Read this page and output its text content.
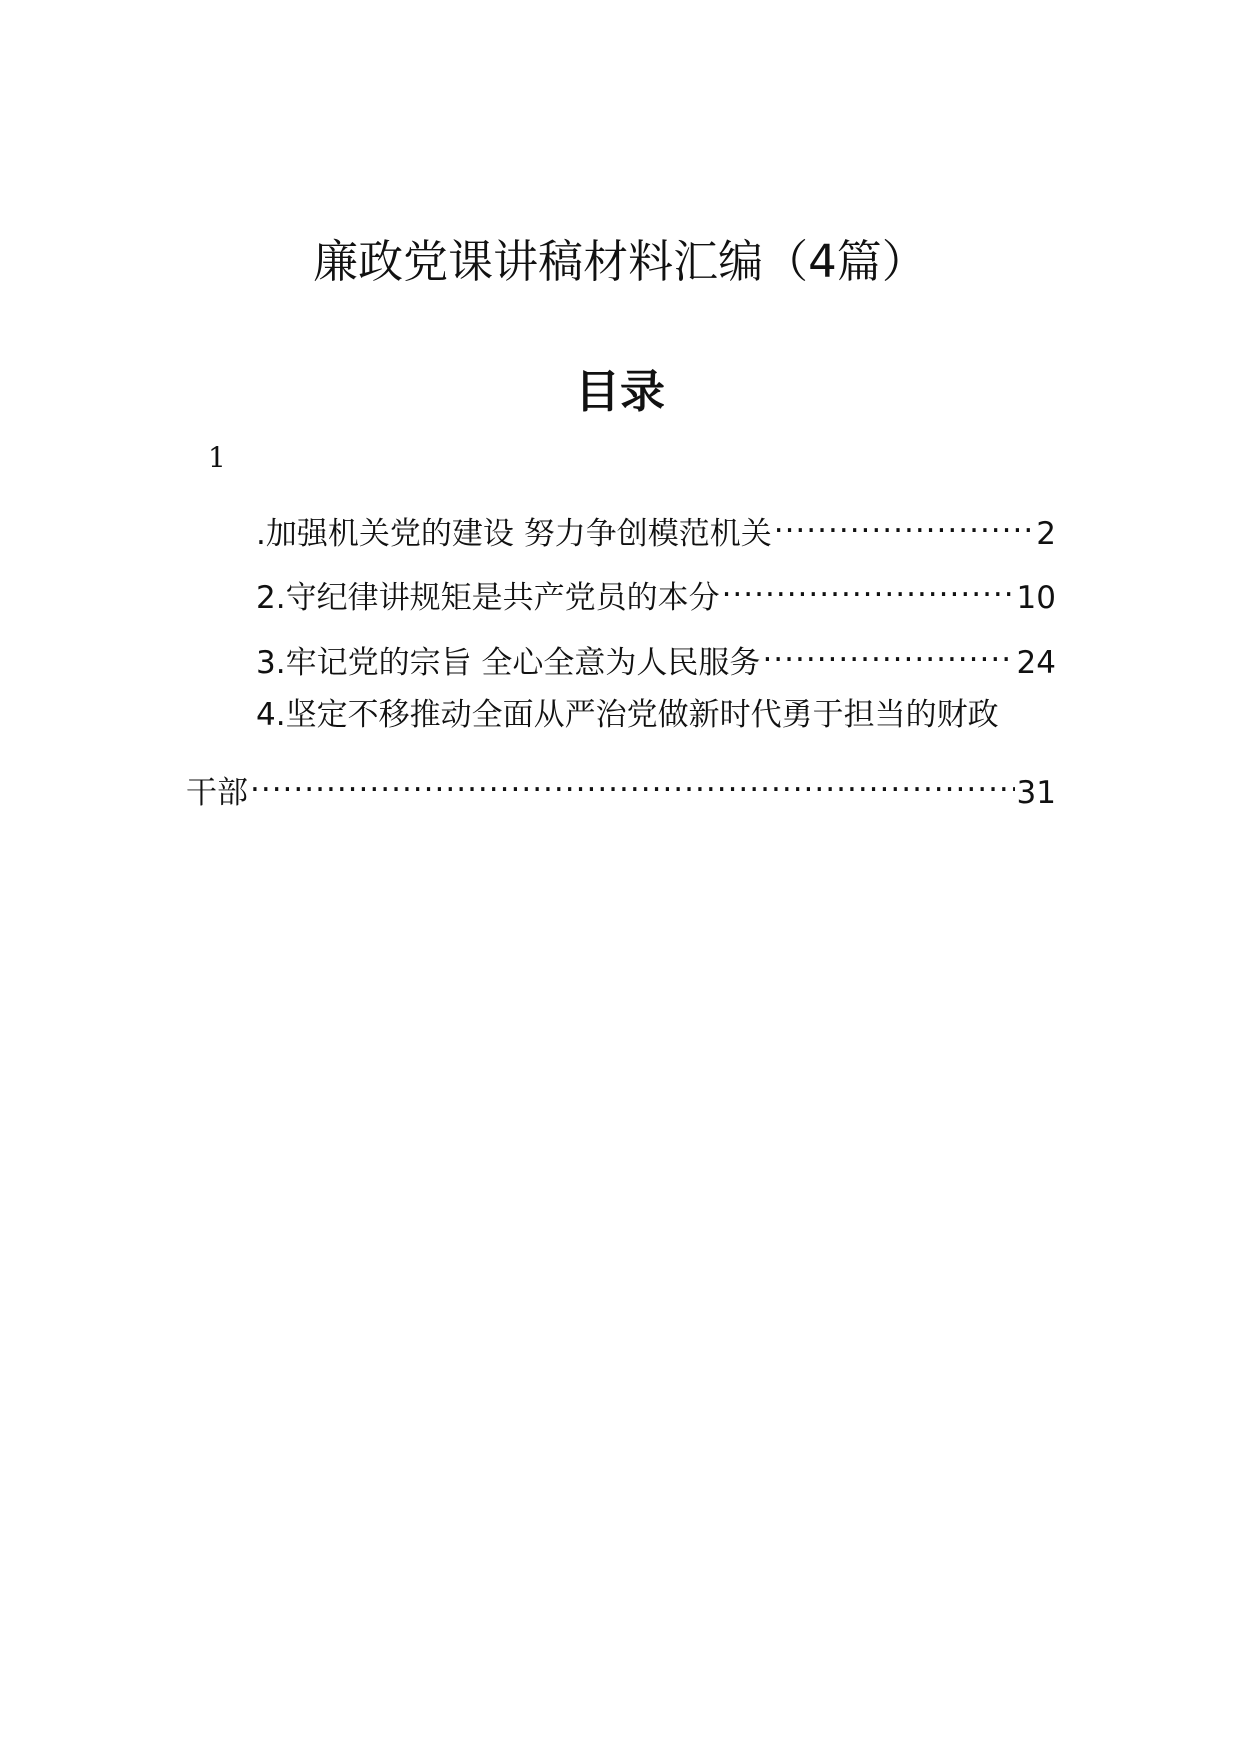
廉政党课讲稿材料汇编（4篇）
目录
1
.加强机关党的建设 努力争创模范机关 .....	2
2.守纪律讲规矩是共产党员的本分 .....	10
3.牢记党的宗旨 全心全意为人民服务 .....	24
4.坚定不移推动全面从严治党做新时代勇于担当的财政
干部 .....	31
